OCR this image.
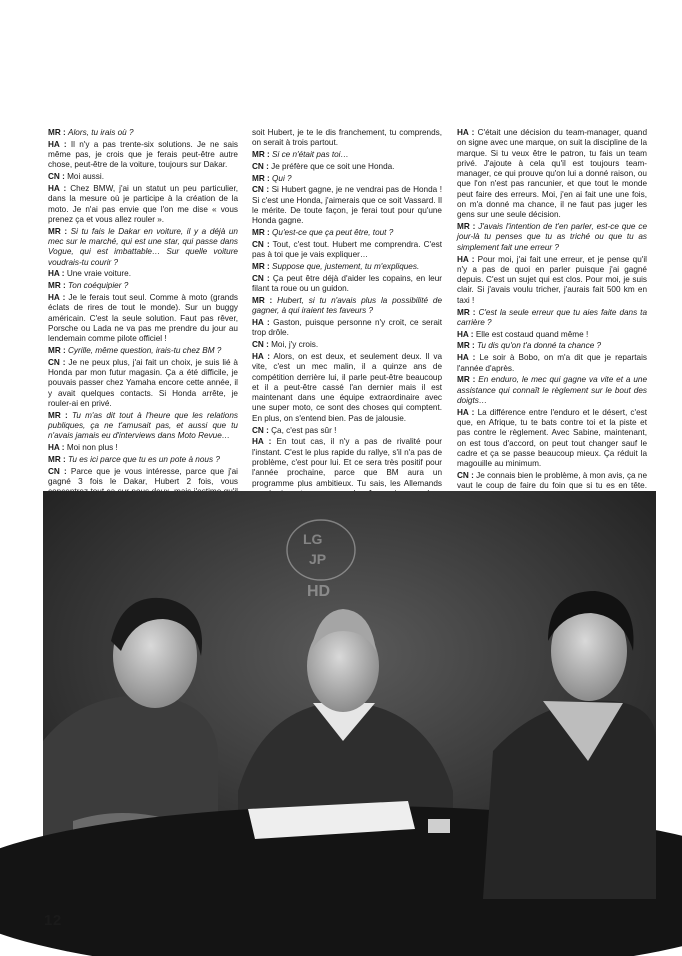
MR : Alors, tu irais où ?

HA : Il n'y a pas trente-six solutions. Je ne sais même pas, je crois que je ferais peut-être autre chose, peut-être de la voiture, toujours sur Dakar.

CN : Moi aussi.

HA : Chez BMW, j'ai un statut un peu particulier, dans la mesure où je participe à la création de la moto. Je n'ai pas envie que l'on me dise « vous prenez ça et vous allez rouler ».

MR : Si tu fais le Dakar en voiture, il y a déjà un mec sur le marché, qui est une star, qui passe dans Vogue, qui est imbattable… Sur quelle voiture voudrais-tu courir ?

HA : Une vraie voiture.

MR : Ton coéquipier ?

HA : Je le ferais tout seul. Comme à moto (grands éclats de rires de tout le monde). Sur un buggy américain. C'est la seule solution. Faut pas rêver, Porsche ou Lada ne va pas me prendre du jour au lendemain comme pilote officiel !

MR : Cyrille, même question, irais-tu chez BM ?

CN : Je ne peux plus, j'ai fait un choix, je suis lié à Honda par mon futur magasin. Ça a été difficile, je pouvais passer chez Yamaha encore cette année, il y avait quelques contacts. Si Honda arrête, je rouler-ai en privé.

MR : Tu m'as dit tout à l'heure que les relations publiques, ça ne t'amusait pas, et aussi que tu n'avais jamais eu d'interviews dans Moto Revue…

HA : Moi non plus !

MR : Tu es ici parce que tu es un pote à nous ?

CN : Parce que je vous intéresse, parce que j'ai gagné 3 fois le Dakar, Hubert 2 fois, vous

soit Hubert, je te le dis franchement, tu comprends, on serait à trois partout.

MR : Si ce n'était pas toi…

CN : Je préfère que ce soit une Honda.

MR : Qui ?

CN : Si Hubert gagne, je ne vendrai pas de Honda ! Si c'est une Honda, j'aimerais que ce soit Vassard. Il le mérite. De toute façon, je ferai tout pour qu'une Honda gagne.

MR : Qu'est-ce que ça peut être, tout ?

CN : Tout, c'est tout. Hubert me comprendra. C'est pas à toi que je vais expliquer…

MR : Suppose que, justement, tu m'expliques.

CN : Ça peut être déjà d'aider les copains, en leur filant ta roue ou un guidon.

MR : Hubert, si tu n'avais plus la possibilité de gagner, à qui iraient tes faveurs ?

HA : Gaston, puisque personne n'y croit, ce serait trop drôle.

CN : Moi, j'y crois.

HA : Alors, on est deux, et seulement deux. Il va vite, c'est un mec malin, il a quinze ans de compétition derrière lui, il parle peut-être beaucoup et il a peut-être cassé l'an dernier mais il est maintenant dans une équipe extraordinaire avec une super moto, ce sont des choses qui comptent. En plus, on s'entend bien. Pas de jalousie.

CN : Ça, c'est pas sûr !

HA : En tout cas, il n'y a pas de rivalité pour l'instant. C'est le plus rapide du rallye, s'il n'a pas de problème, c'est pour lui. Et ce sera très positif pour l'année prochaine, parce que BM aura un programme plus ambitieux. Tu sais, les Allemands

HA : C'était une décision du team-manager, quand on signe avec une marque, on suit la discipline de la marque. Si tu veux être le patron, tu fais un team privé. J'ajoute à cela qu'il est toujours team-manager, ce qui prouve qu'on lui a donné raison, ou que l'on n'est pas rancunier, et que tout le monde peut faire des erreurs. Moi, j'en ai fait une une fois, on m'a donné ma chance, il ne faut pas juger les gens sur une seule décision.

MR : J'avais l'intention de t'en parler, est-ce que ce jour-là tu penses que tu as triché ou que tu as simplement fait une erreur ?

HA : Pour moi, j'ai fait une erreur, et je pense qu'il n'y a pas de quoi en parler puisque j'ai gagné depuis. C'est un sujet qui est clos. Pour moi, je suis clair. Si j'avais voulu tricher, j'aurais fait 500 km en taxi !

MR : C'est la seule erreur que tu aies faite dans ta carrière ?

HA : Elle est costaud quand même !

MR : Tu dis qu'on t'a donné ta chance ?

HA : Le soir à Bobo, on m'a dit que je repartais l'année d'après.

MR : En enduro, le mec qui gagne va vite et a une assistance qui connaît le règlement sur le bout des doigts…

HA : La différence entre l'enduro et le désert, c'est que, en Afrique, tu te bats contre toi et la piste et pas contre le règlement. Avec Sabine, maintenant, on est tous d'accord, on peut tout changer sauf le cadre et ça se passe beaucoup mieux. Ça réduit la magouille au minimum.

CN : Je connais bien le problème, à mon avis, ça ne vaut le coup de faire du foin que si tu es en tête.

LG
JP
HD
12
